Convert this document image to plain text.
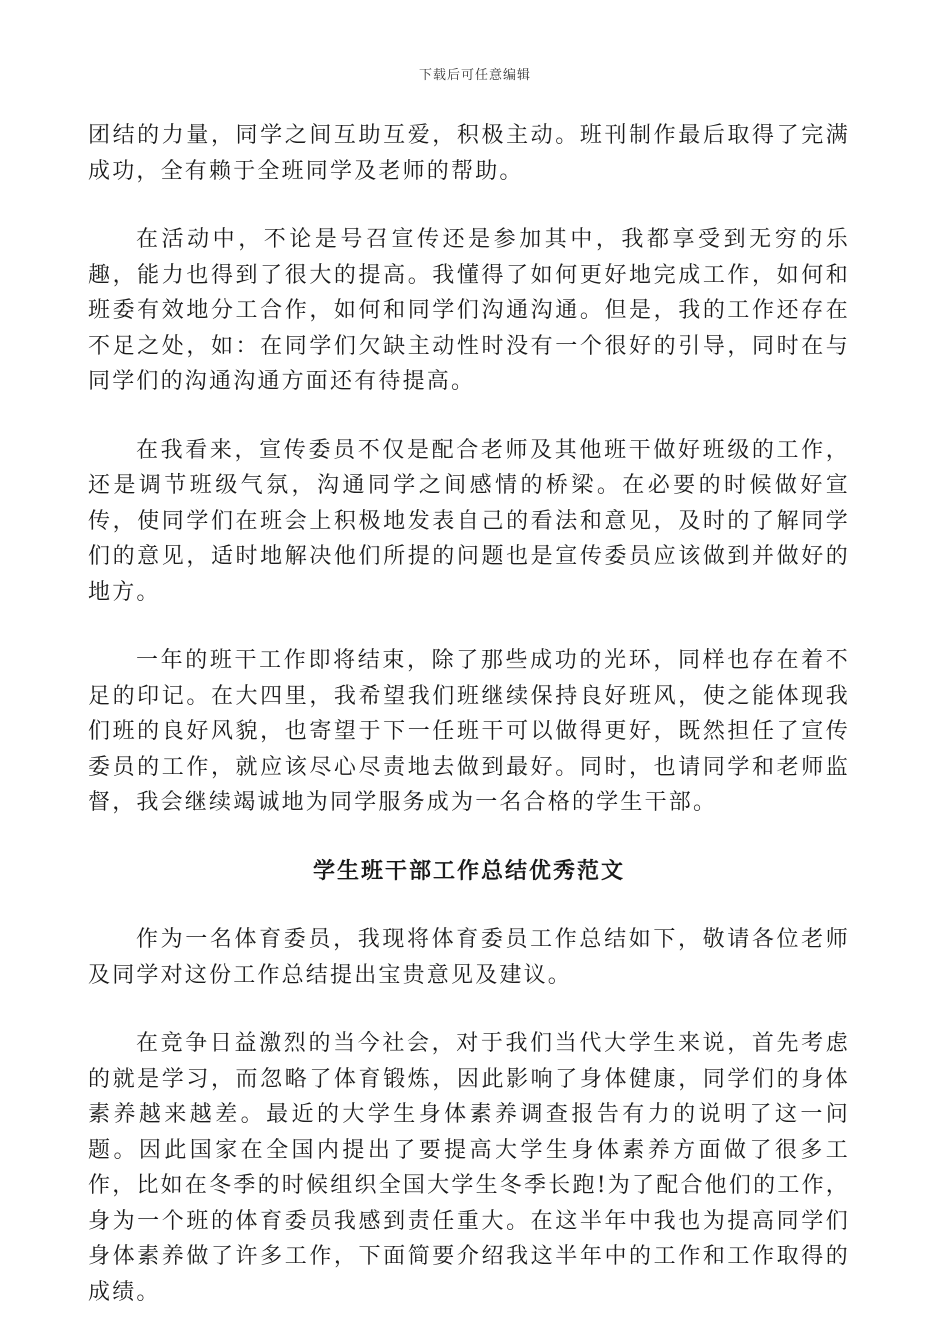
下载后可任意编辑

团结的力量，同学之间互助互爱，积极主动。班刊制作最后取得了完满成功，全有赖于全班同学及老师的帮助。

在活动中，不论是号召宣传还是参加其中，我都享受到无穷的乐趣，能力也得到了很大的提高。我懂得了如何更好地完成工作，如何和班委有效地分工合作，如何和同学们沟通沟通。但是，我的工作还存在不足之处，如：在同学们欠缺主动性时没有一个很好的引导，同时在与同学们的沟通沟通方面还有待提高。

在我看来，宣传委员不仅是配合老师及其他班干做好班级的工作，还是调节班级气氛，沟通同学之间感情的桥梁。在必要的时候做好宣传，使同学们在班会上积极地发表自己的看法和意见，及时的了解同学们的意见，适时地解决他们所提的问题也是宣传委员应该做到并做好的地方。

一年的班干工作即将结束，除了那些成功的光环，同样也存在着不足的印记。在大四里，我希望我们班继续保持良好班风，使之能体现我们班的良好风貌，也寄望于下一任班干可以做得更好，既然担任了宣传委员的工作，就应该尽心尽责地去做到最好。同时，也请同学和老师监督，我会继续竭诚地为同学服务成为一名合格的学生干部。

学生班干部工作总结优秀范文

作为一名体育委员，我现将体育委员工作总结如下，敬请各位老师及同学对这份工作总结提出宝贵意见及建议。

在竞争日益激烈的当今社会，对于我们当代大学生来说，首先考虑的就是学习，而忽略了体育锻炼，因此影响了身体健康，同学们的身体素养越来越差。最近的大学生身体素养调查报告有力的说明了这一问题。因此国家在全国内提出了要提高大学生身体素养方面做了很多工作，比如在冬季的时候组织全国大学生冬季长跑!为了配合他们的工作，身为一个班的体育委员我感到责任重大。在这半年中我也为提高同学们身体素养做了许多工作，下面简要介绍我这半年中的工作和工作取得的成绩。
